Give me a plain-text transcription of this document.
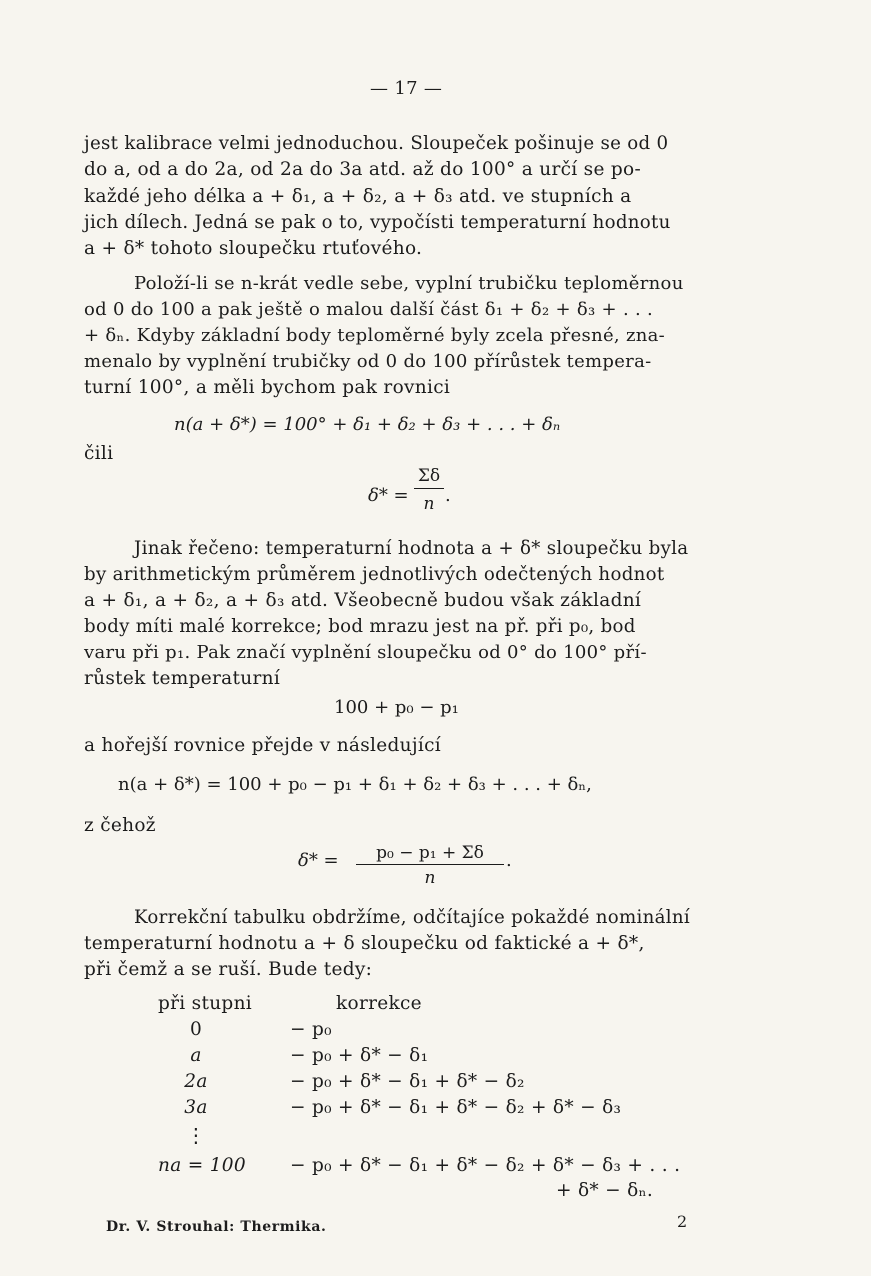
— 17 —
jest kalibrace velmi jednoduchou. Sloupeček pošinuje se od 0
do a, od a do 2a, od 2a do 3a atd. až do 100° a určí se po-
každé jeho délka a + δ₁, a + δ₂, a + δ₃ atd. ve stupních a
jich dílech. Jedná se pak o to, vypočísti temperaturní hodnotu
a + δ* tohoto sloupečku rtuťového.
Položí-li se n-krát vedle sebe, vyplní trubičku teploměrnou
od 0 do 100 a pak ještě o malou další část δ₁ + δ₂ + δ₃ + . . .
+ δₙ. Kdyby základní body teploměrné byly zcela přesné, zna-
menalo by vyplnění trubičky od 0 do 100 přírůstek tempera-
turní 100°, a měli bychom pak rovnici
n(a + δ*) = 100° + δ₁ + δ₂ + δ₃ + . . . + δₙ
čili
δ* =
Σδ
n .
Jinak řečeno: temperaturní hodnota a + δ* sloupečku byla
by arithmetickým průměrem jednotlivých odečtených hodnot
a + δ₁, a + δ₂, a + δ₃ atd. Všeobecně budou však základní
body míti malé korrekce; bod mrazu jest na př. při p₀, bod
varu při p₁. Pak značí vyplnění sloupečku od 0° do 100° pří-
růstek temperaturní
100 + p₀ − p₁
a hořejší rovnice přejde v následující
n(a + δ*) = 100 + p₀ − p₁ + δ₁ + δ₂ + δ₃ + . . . + δₙ,
z čehož
δ* =	p₀ − p₁ + Σδ
n
.
Korrekční tabulku obdržíme, odčítajíce pokaždé nominální
temperaturní hodnotu a + δ sloupečku od faktické a + δ*,
při čemž a se ruší. Bude tedy:
při stupni	korrekce
0	− p₀
a	− p₀ + δ* − δ₁
2a	− p₀ + δ* − δ₁ + δ* − δ₂
3a	− p₀ + δ* − δ₁ + δ* − δ₂ + δ* − δ₃
⋮
na = 100 − p₀ + δ* − δ₁ + δ* − δ₂ + δ* − δ₃ + . . .
+ δ* − δₙ.
Dr. V. Strouhal: Thermika.	2
